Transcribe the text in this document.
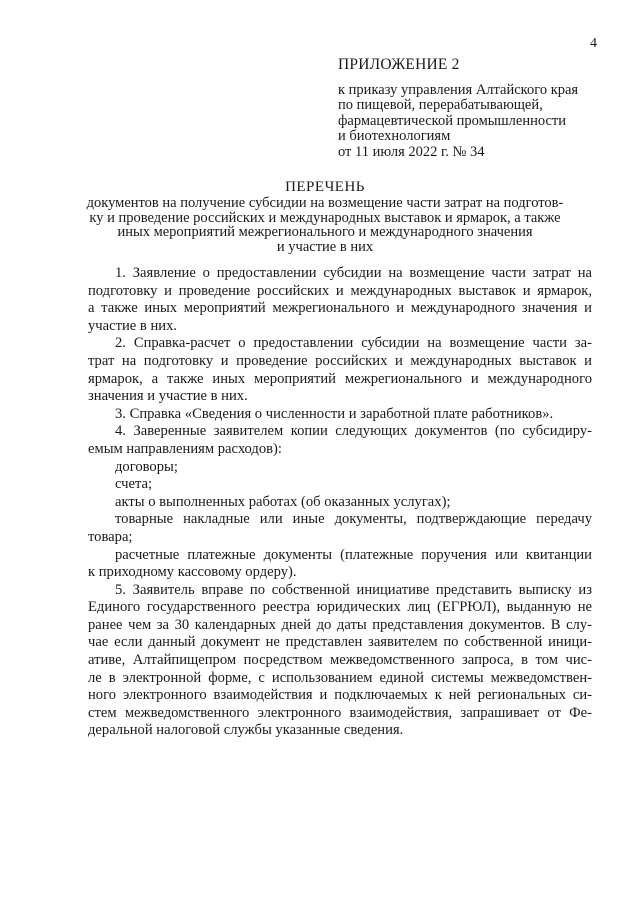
4
ПРИЛОЖЕНИЕ 2
к приказу управления Алтайского края
по пищевой, перерабатывающей,
фармацевтической промышленности
и биотехнологиям
от 11 июля 2022 г. № 34
ПЕРЕЧЕНЬ
документов на получение субсидии на возмещение части затрат на подготов-
ку и проведение российских и международных выставок и ярмарок, а также
иных мероприятий межрегионального и международного значения
и участие в них
1. Заявление о предоставлении субсидии на возмещение части затрат на
подготовку и проведение российских и международных выставок и ярмарок,
а также иных мероприятий межрегионального и международного значения и
участие в них.
2. Справка-расчет о предоставлении субсидии на возмещение части за-
трат на подготовку и проведение российских и международных выставок и
ярмарок, а также иных мероприятий межрегионального и международного
значения и участие в них.
3. Справка «Сведения о численности и заработной плате работников».
4. Заверенные заявителем копии следующих документов (по субсидиру-
емым направлениям расходов):
договоры;
счета;
акты о выполненных работах (об оказанных услугах);
товарные накладные или иные документы, подтверждающие передачу
товара;
расчетные платежные документы (платежные поручения или квитанции
к приходному кассовому ордеру).
5. Заявитель вправе по собственной инициативе представить выписку из
Единого государственного реестра юридических лиц (ЕГРЮЛ), выданную не
ранее чем за 30 календарных дней до даты представления документов. В слу-
чае если данный документ не представлен заявителем по собственной иници-
ативе, Алтайпищепром посредством межведомственного запроса, в том чис-
ле в электронной форме, с использованием единой системы межведомствен-
ного электронного взаимодействия и подключаемых к ней региональных си-
стем межведомственного электронного взаимодействия, запрашивает от Фе-
деральной налоговой службы указанные сведения.
